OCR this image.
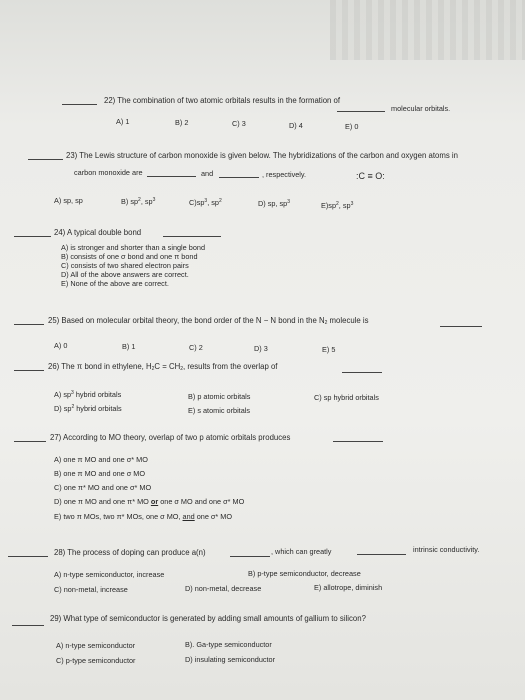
22) The combination of two atomic orbitals results in the formation of
molecular orbitals.
A) 1	B) 2	C) 3	D) 4	E) 0
23) The Lewis structure of carbon monoxide is given below. The hybridizations of the carbon and oxygen atoms in
carbon monoxide are	and	, respectively.	:C ≡ O:
A) sp, sp	B) $sp^2$, $sp^3$	$C)sp^3$, $sp^2$	D) sp, $sp^3$	$E)sp^2$, $sp^3$
24) A typical double bond
A) is stronger and shorter than a single bond
B) consists of one σ bond and one π bond
C) consists of two shared electron pairs
D) All of the above answers are correct.
E) None of the above are correct.
25) Based on molecular orbital theory, the bond order of the N − N bond in the $N_2$ molecule is
A) 0	B) 1	C) 2	D) 3	E) 5
26) The π bond in ethylene, $H_2C = CH_2$, results from the overlap of
A) $sp^3$ hybrid orbitals	B) p atomic orbitals	C) sp hybrid orbitals
D) $sp^2$ hybrid orbitals	E) s atomic orbitals
27) According to MO theory, overlap of two p atomic orbitals produces
A) one π MO and one σ* MO
B) one π MO and one σ MO
C) one π* MO and one σ* MO
D) one π MO and one π* MO or one σ MO and one σ* MO
E) two π MOs, two π* MOs, one σ MO, and one σ* MO
28) The process of doping can produce a(n)	, which can greatly	intrinsic conductivity.
A) n-type semiconductor, increase	B) p-type semiconductor, decrease
C) non-metal, increase	D) non-metal, decrease	E) allotrope, diminish
29) What type of semiconductor is generated by adding small amounts of gallium to silicon?
A) n-type semiconductor	B). Ga-type semiconductor
C) p-type semiconductor	D) insulating semiconductor
